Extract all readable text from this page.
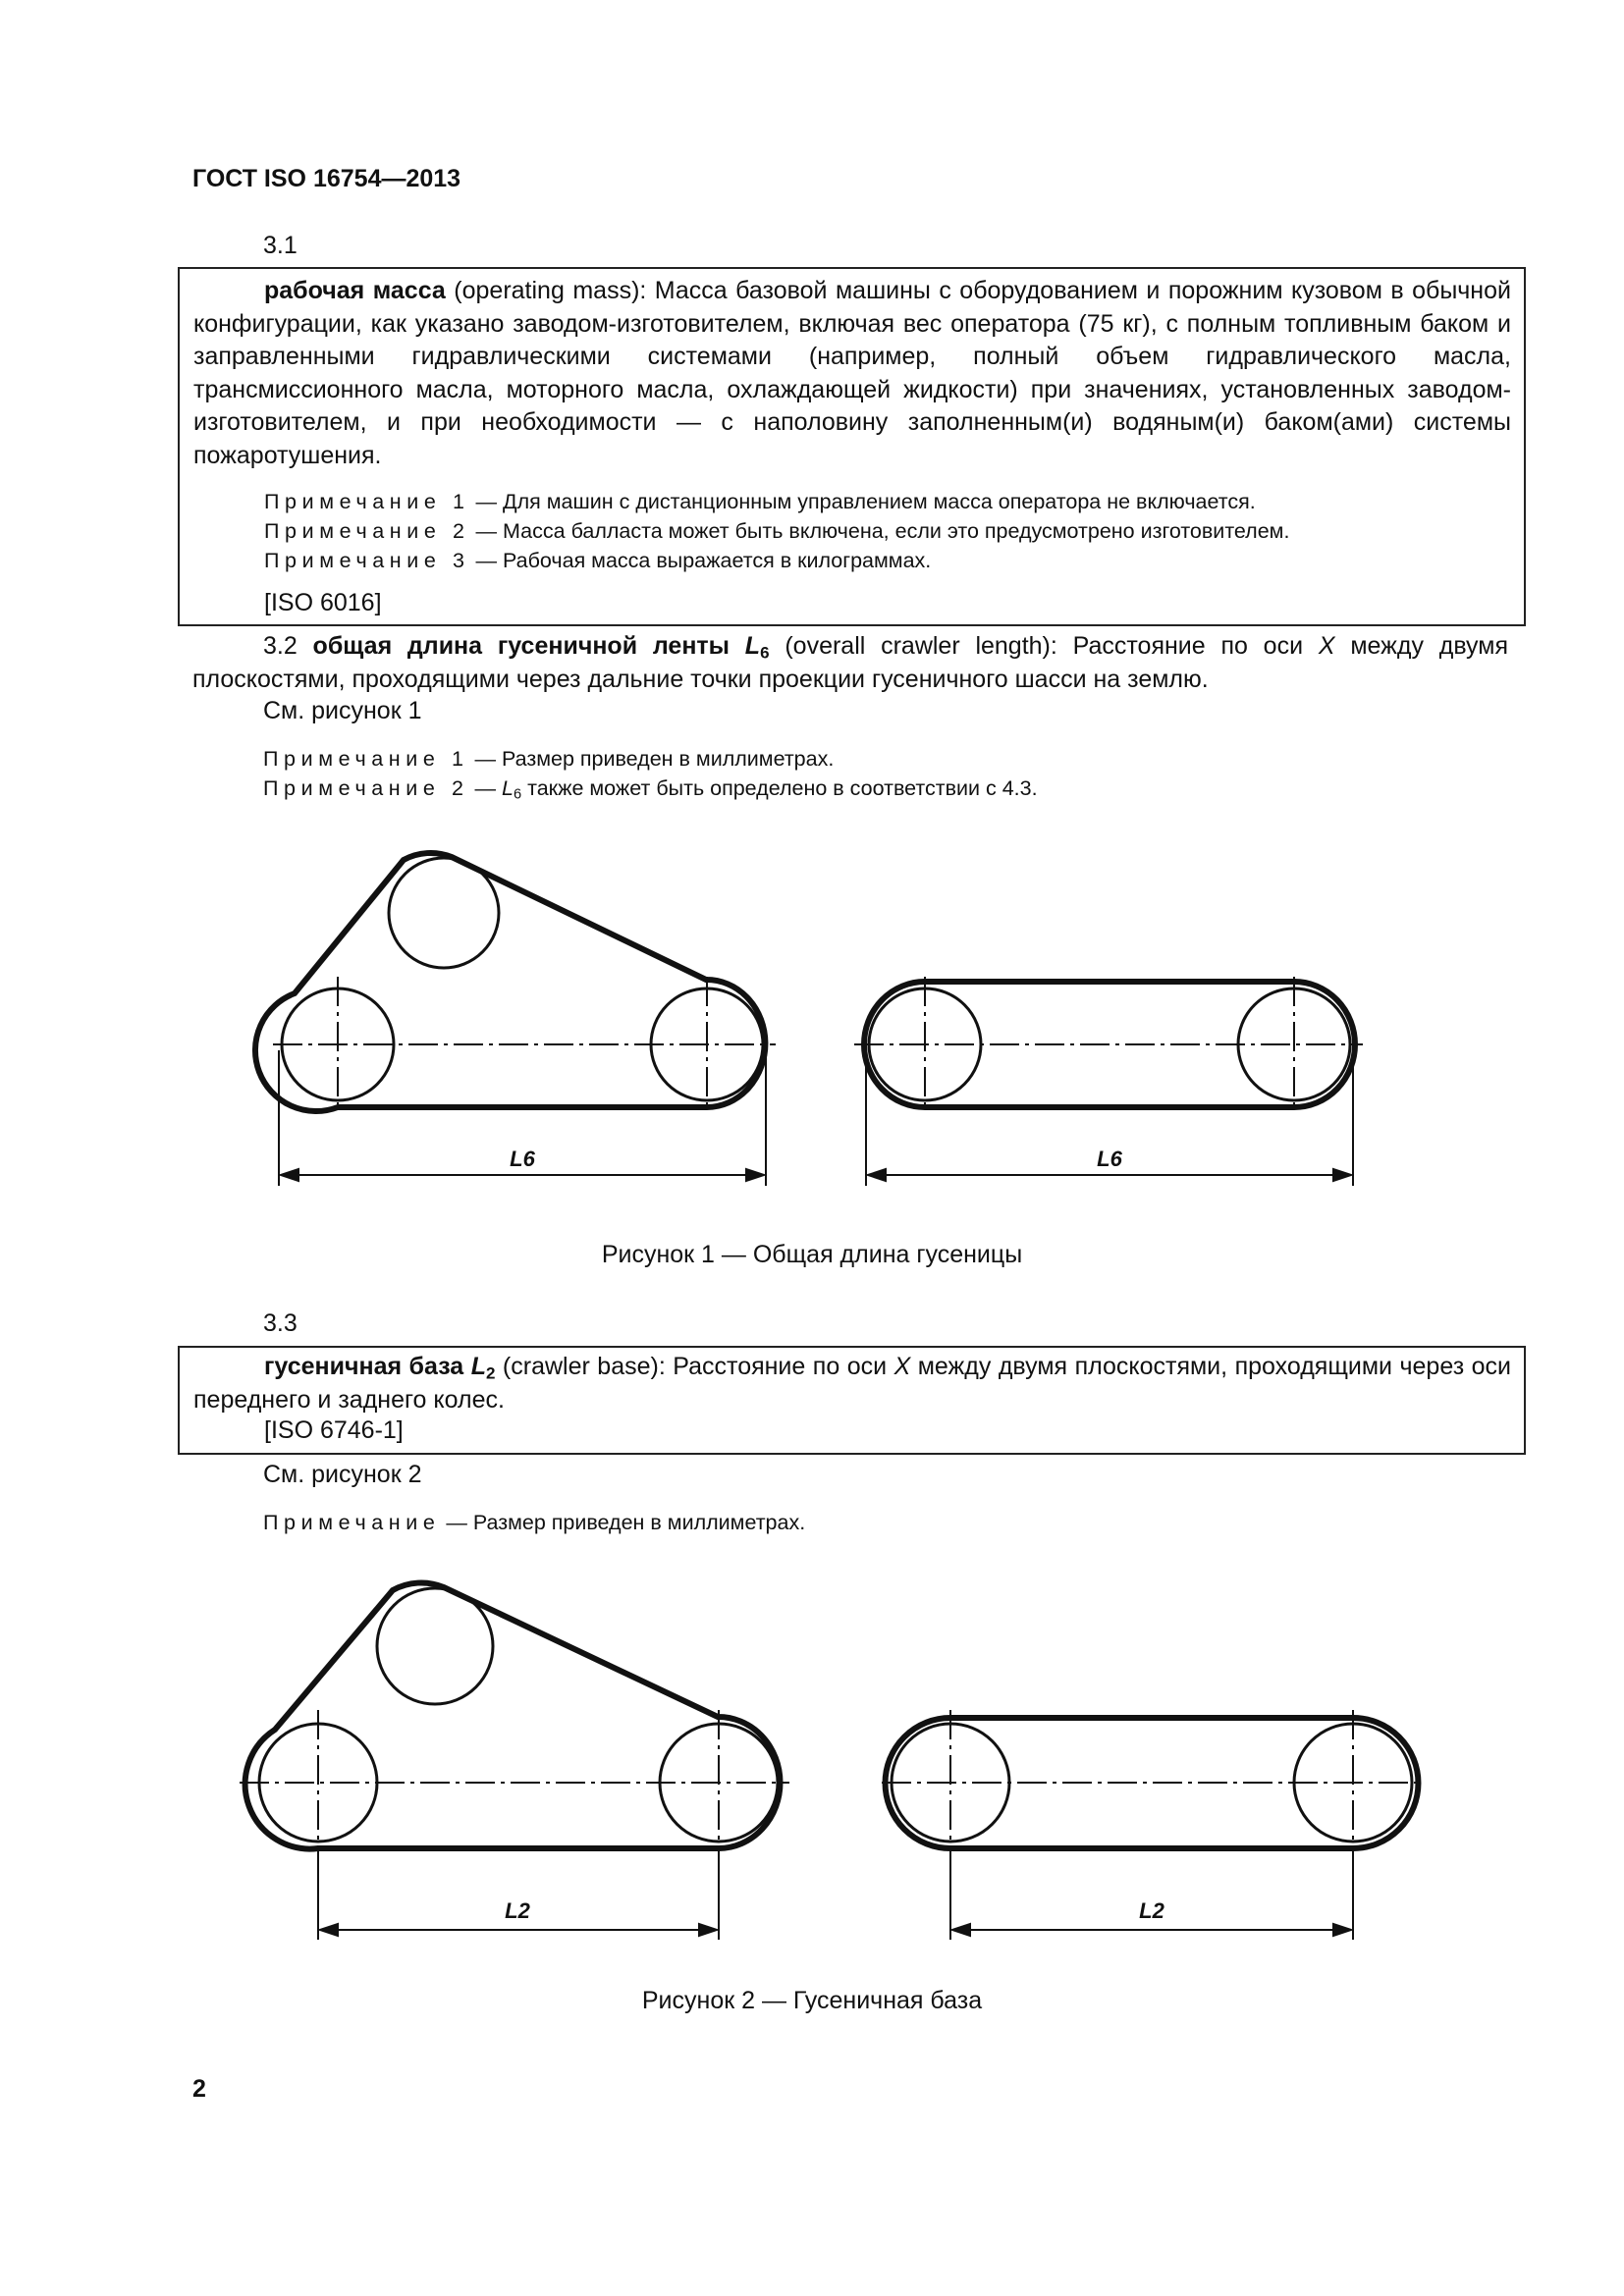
ГОСТ ISO 16754—2013
3.1
рабочая масса (operating mass): Масса базовой машины с оборудованием и порожним кузовом в обычной конфигурации, как указано заводом-изготовителем, включая вес оператора (75 кг), с полным топливным баком и заправленными гидравлическими системами (например, полный объем гидравлического масла, трансмиссионного масла, моторного масла, охлаждающей жидкости) при значениях, установленных заводом-изготовителем, и при необходимости — с наполовину заполненным(и) водяным(и) баком(ами) системы пожаротушения.
Примечание 1 — Для машин с дистанционным управлением масса оператора не включается.
Примечание 2 — Масса балласта может быть включена, если это предусмотрено изготовителем.
Примечание 3 — Рабочая масса выражается в килограммах.
[ISO 6016]
3.2 общая длина гусеничной ленты $L_6$ (overall crawler length): Расстояние по оси X между двумя плоскостями, проходящими через дальние точки проекции гусеничного шасси на землю.
См. рисунок 1
Примечание 1 — Размер приведен в миллиметрах.
Примечание 2 — $L_6$ также может быть определено в соответствии с 4.3.
L6	L6
Рисунок 1 — Общая длина гусеницы
3.3
гусеничная база $L_2$ (crawler base): Расстояние по оси X между двумя плоскостями, проходящими через оси переднего и заднего колес.
[ISO 6746-1]
См. рисунок 2
Примечание — Размер приведен в миллиметрах.
L2	L2
Рисунок 2 — Гусеничная база
2
